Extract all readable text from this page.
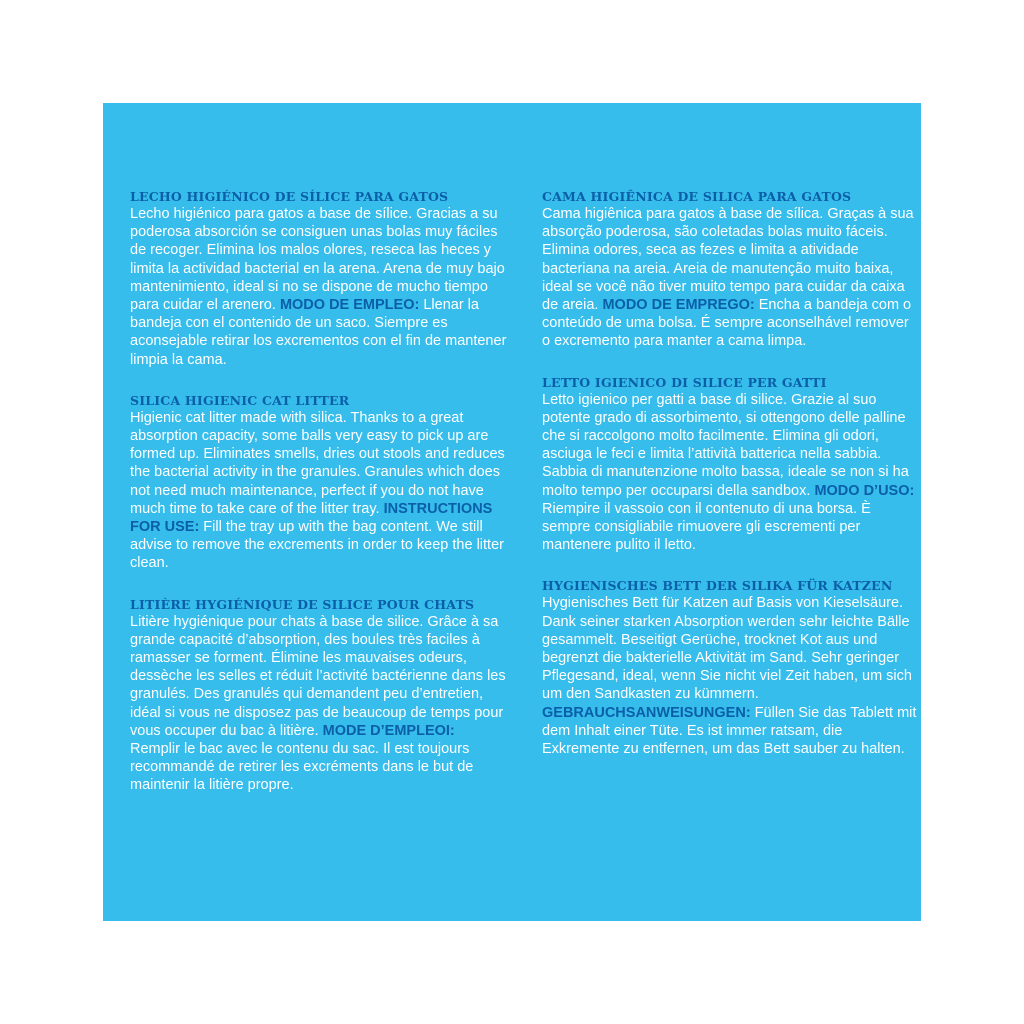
LECHO HIGIÉNICO DE SÍLICE PARA GATOS
Lecho higiénico para gatos a base de sílice. Gracias a su poderosa absorción se consiguen unas bolas muy fáciles de recoger. Elimina los malos olores, reseca las heces y limita la actividad bacterial en la arena. Arena de muy bajo mantenimiento, ideal si no se dispone de mucho tiempo para cuidar el arenero. MODO DE EMPLEO: Llenar la bandeja con el contenido de un saco. Siempre es aconsejable retirar los excrementos con el fin de mantener limpia la cama.
SILICA HIGIENIC CAT LITTER
Higienic cat litter made with silica. Thanks to a great absorption capacity, some balls very easy to pick up are formed up. Eliminates smells, dries out stools and reduces the bacterial activity in the granules. Granules which does not need much maintenance, perfect if you do not have much time to take care of the litter tray. INSTRUCTIONS FOR USE: Fill the tray up with the bag content. We still advise to remove the excrements in order to keep the litter clean.
LITIÈRE HYGIÉNIQUE DE SILICE POUR CHATS
Litière hygiénique pour chats à base de silice. Grâce à sa grande capacité d’absorption, des boules très faciles à ramasser se forment. Élimine les mauvaises odeurs, dessèche les selles et réduit l’activité bactérienne dans les granulés. Des granulés qui demandent peu d’entretien, idéal si vous ne disposez pas de beaucoup de temps pour vous occuper du bac à litière. MODE D’EMPLEOI: Remplir le bac avec le contenu du sac. Il est toujours recommandé de retirer les excréments dans le but de maintenir la litière propre.
CAMA HIGIÊNICA DE SILICA PARA GATOS
Cama higiênica para gatos à base de sílica. Graças à sua absorção poderosa, são coletadas bolas muito fáceis. Elimina odores, seca as fezes e limita a atividade bacteriana na areia. Areia de manutenção muito baixa, ideal se você não tiver muito tempo para cuidar da caixa de areia. MODO DE EMPREGO: Encha a bandeja com o conteúdo de uma bolsa. É sempre aconselhável remover o excremento para manter a cama limpa.
LETTO IGIENICO DI SILICE PER GATTI
Letto igienico per gatti a base di silice. Grazie al suo potente grado di assorbimento, si ottengono delle palline che si raccolgono molto facilmente. Elimina gli odori, asciuga le feci e limita l’attività batterica nella sabbia. Sabbia di manutenzione molto bassa, ideale se non si ha molto tempo per occuparsi della sandbox. MODO D’USO: Riempire il vassoio con il contenuto di una borsa. È sempre consigliabile rimuovere gli escrementi per mantenere pulito il letto.
HYGIENISCHES BETT DER SILIKA FÜR KATZEN
Hygienisches Bett für Katzen auf Basis von Kieselsäure. Dank seiner starken Absorption werden sehr leichte Bälle gesammelt. Beseitigt Gerüche, trocknet Kot aus und begrenzt die bakterielle Aktivität im Sand. Sehr geringer Pflegesand, ideal, wenn Sie nicht viel Zeit haben, um sich um den Sandkasten zu kümmern. GEBRAUCHSANWEISUNGEN: Füllen Sie das Tablett mit dem Inhalt einer Tüte. Es ist immer ratsam, die Exkremente zu entfernen, um das Bett sauber zu halten.
